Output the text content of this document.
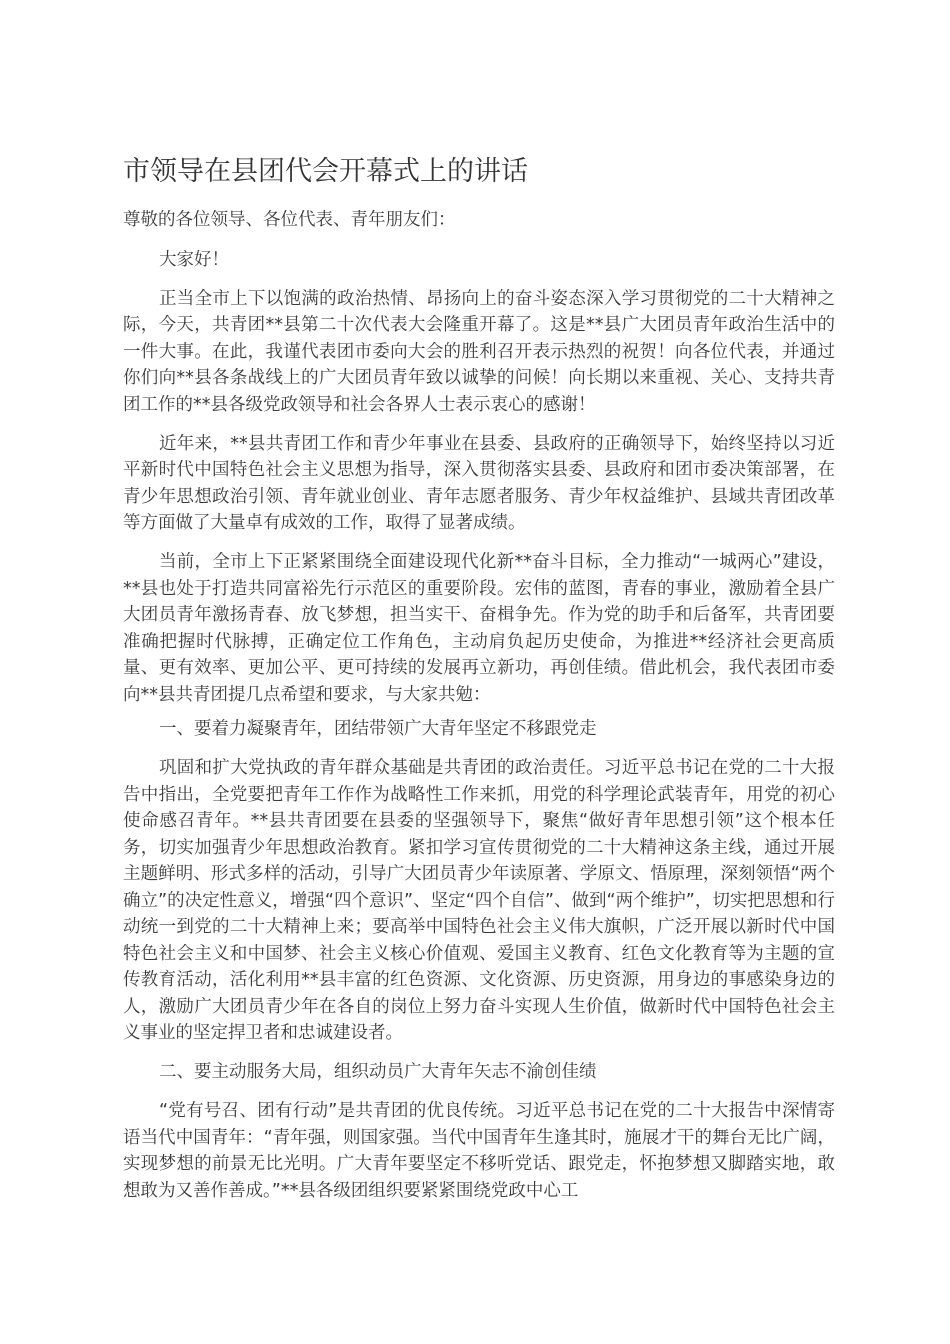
市领导在县团代会开幕式上的讲话

尊敬的各位领导、各位代表、青年朋友们：

大家好！

正当全市上下以饱满的政治热情、昂扬向上的奋斗姿态深入学习贯彻党的二十大精神之际，今天，共青团**县第二十次代表大会隆重开幕了。这是**县广大团员青年政治生活中的一件大事。在此，我谨代表团市委向大会的胜利召开表示热烈的祝贺！向各位代表，并通过你们向**县各条战线上的广大团员青年致以诚挚的问候！向长期以来重视、关心、支持共青团工作的**县各级党政领导和社会各界人士表示衷心的感谢！

近年来，**县共青团工作和青少年事业在县委、县政府的正确领导下，始终坚持以习近平新时代中国特色社会主义思想为指导，深入贯彻落实县委、县政府和团市委决策部署，在青少年思想政治引领、青年就业创业、青年志愿者服务、青少年权益维护、县域共青团改革等方面做了大量卓有成效的工作，取得了显著成绩。

当前，全市上下正紧紧围绕全面建设现代化新**奋斗目标，全力推动“一城两心”建设，**县也处于打造共同富裕先行示范区的重要阶段。宏伟的蓝图，青春的事业，激励着全县广大团员青年激扬青春、放飞梦想，担当实干、奋楫争先。作为党的助手和后备军，共青团要准确把握时代脉搏，正确定位工作角色，主动肩负起历史使命，为推进**经济社会更高质量、更有效率、更加公平、更可持续的发展再立新功，再创佳绩。借此机会，我代表团市委向**县共青团提几点希望和要求，与大家共勉：

一、要着力凝聚青年，团结带领广大青年坚定不移跟党走

巩固和扩大党执政的青年群众基础是共青团的政治责任。习近平总书记在党的二十大报告中指出，全党要把青年工作作为战略性工作来抓，用党的科学理论武装青年，用党的初心使命感召青年。**县共青团要在县委的坚强领导下，聚焦“做好青年思想引领”这个根本任务，切实加强青少年思想政治教育。紧扣学习宣传贯彻党的二十大精神这条主线，通过开展主题鲜明、形式多样的活动，引导广大团员青少年读原著、学原文、悟原理，深刻领悟“两个确立”的决定性意义，增强“四个意识”、坚定“四个自信”、做到“两个维护”，切实把思想和行动统一到党的二十大精神上来；要高举中国特色社会主义伟大旗帜，广泛开展以新时代中国特色社会主义和中国梦、社会主义核心价值观、爱国主义教育、红色文化教育等为主题的宣传教育活动，活化利用**县丰富的红色资源、文化资源、历史资源，用身边的事感染身边的人，激励广大团员青少年在各自的岗位上努力奋斗实现人生价值，做新时代中国特色社会主义事业的坚定捍卫者和忠诚建设者。

二、要主动服务大局，组织动员广大青年矢志不渝创佳绩

“党有号召、团有行动”是共青团的优良传统。习近平总书记在党的二十大报告中深情寄语当代中国青年：“青年强，则国家强。当代中国青年生逢其时，施展才干的舞台无比广阔，实现梦想的前景无比光明。广大青年要坚定不移听党话、跟党走，怀抱梦想又脚踏实地，敢想敢为又善作善成。”**县各级团组织要紧紧围绕党政中心工
